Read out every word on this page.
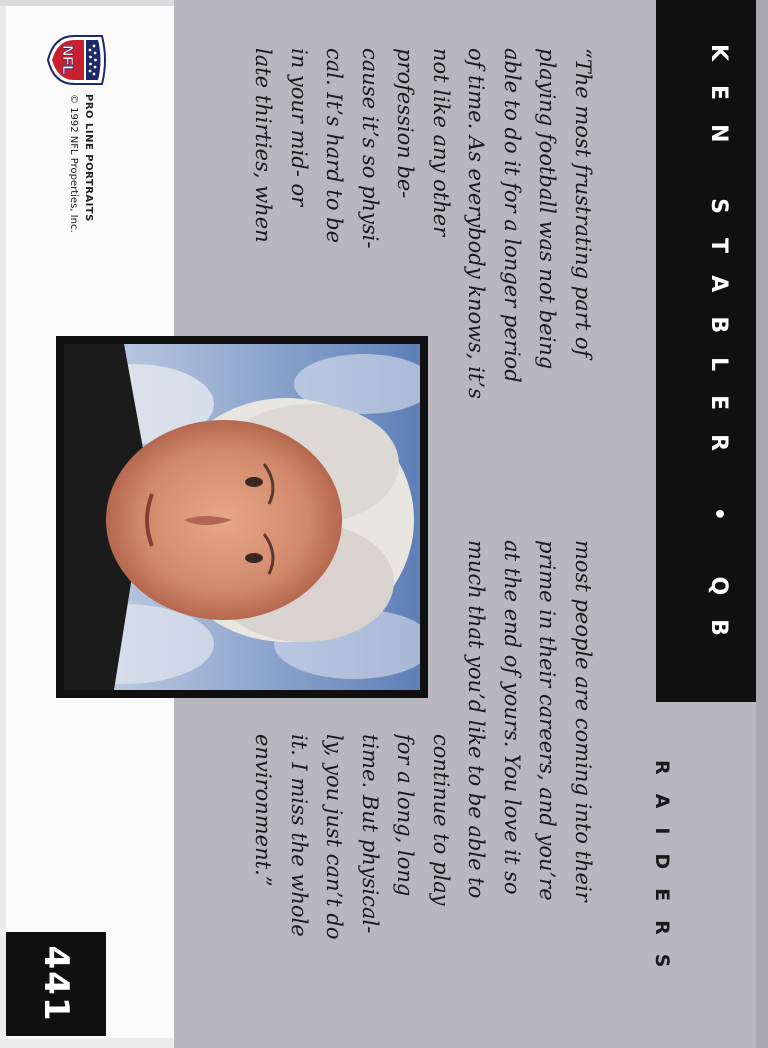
KEN STABLER • QB
RAIDERS
“The most frustrating part of
playing football was not being
able to do it for a longer period
of time. As everybody knows, it’s
not like any other
profession be-
cause it’s so physi-
cal. It’s hard to be
in your mid- or
late thirties, when
most people are coming into their
prime in their careers, and you’re
at the end of yours. You love it so
much that you’d like to be able to
continue to play
for a long, long
time. But physical-
ly, you just can’t do
it. I miss the whole
environment.”
NFL
PRO LINE PORTRAITS
© 1992 NFL Properties, Inc.
441
